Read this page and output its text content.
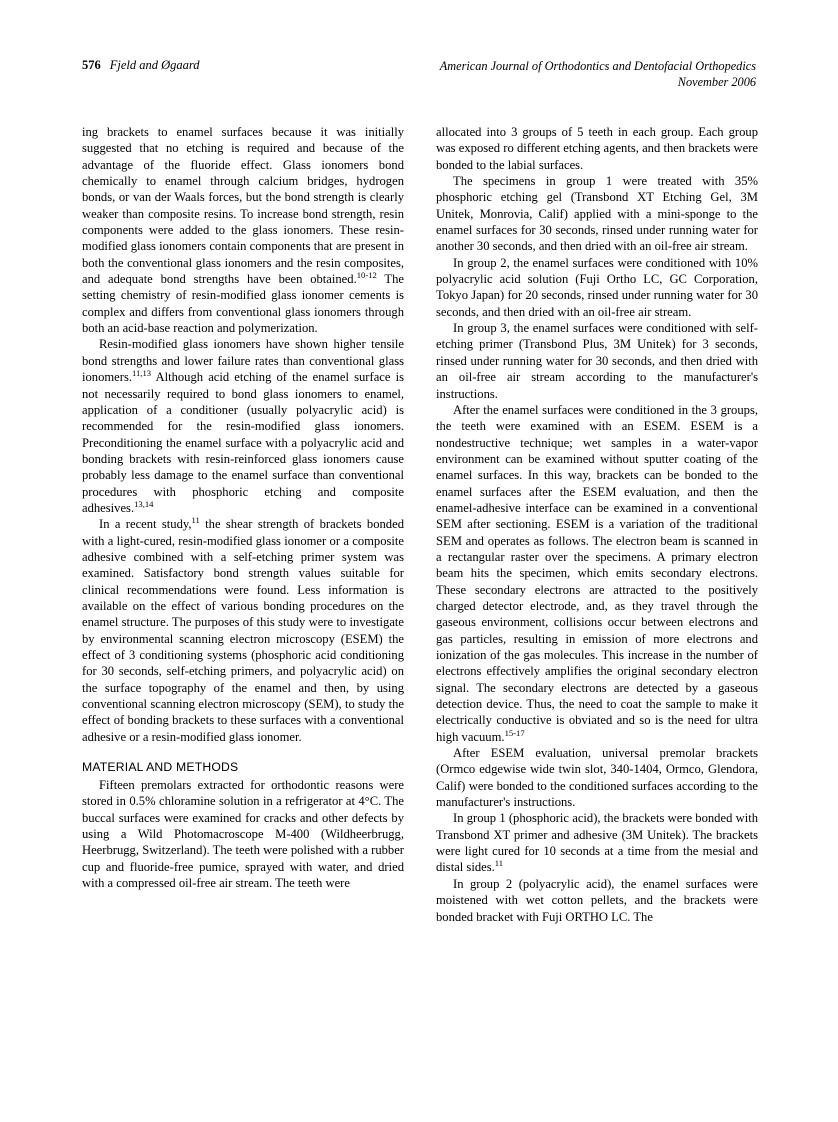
576 Fjeld and Øgaard	American Journal of Orthodontics and Dentofacial Orthopedics
November 2006

ing brackets to enamel surfaces because it was initially suggested that no etching is required and because of the advantage of the fluoride effect. Glass ionomers bond chemically to enamel through calcium bridges, hydrogen bonds, or van der Waals forces, but the bond strength is clearly weaker than composite resins. To increase bond strength, resin components were added to the glass ionomers. These resin-modified glass ionomers contain components that are present in both the conventional glass ionomers and the resin composites, and adequate bond strengths have been obtained.$^{10-12}$ The setting chemistry of resin-modified glass ionomer cements is complex and differs from conventional glass ionomers through both an acid-base reaction and polymerization.

Resin-modified glass ionomers have shown higher tensile bond strengths and lower failure rates than conventional glass ionomers.$^{11,13}$ Although acid etching of the enamel surface is not necessarily required to bond glass ionomers to enamel, application of a conditioner (usually polyacrylic acid) is recommended for the resin-modified glass ionomers. Preconditioning the enamel surface with a polyacrylic acid and bonding brackets with resin-reinforced glass ionomers cause probably less damage to the enamel surface than conventional procedures with phosphoric etching and composite adhesives.$^{13,14}$

In a recent study,$^{11}$ the shear strength of brackets bonded with a light-cured, resin-modified glass ionomer or a composite adhesive combined with a self-etching primer system was examined. Satisfactory bond strength values suitable for clinical recommendations were found. Less information is available on the effect of various bonding procedures on the enamel structure. The purposes of this study were to investigate by environmental scanning electron microscopy (ESEM) the effect of 3 conditioning systems (phosphoric acid conditioning for 30 seconds, self-etching primers, and polyacrylic acid) on the surface topography of the enamel and then, by using conventional scanning electron microscopy (SEM), to study the effect of bonding brackets to these surfaces with a conventional adhesive or a resin-modified glass ionomer.

MATERIAL AND METHODS

Fifteen premolars extracted for orthodontic reasons were stored in 0.5% chloramine solution in a refrigerator at 4°C. The buccal surfaces were examined for cracks and other defects by using a Wild Photomacroscope M-400 (Wildheerbrugg, Heerbrugg, Switzerland). The teeth were polished with a rubber cup and fluoride-free pumice, sprayed with water, and dried with a compressed oil-free air stream. The teeth were

allocated into 3 groups of 5 teeth in each group. Each group was exposed ro different etching agents, and then brackets were bonded to the labial surfaces.

The specimens in group 1 were treated with 35% phosphoric etching gel (Transbond XT Etching Gel, 3M Unitek, Monrovia, Calif) applied with a mini-sponge to the enamel surfaces for 30 seconds, rinsed under running water for another 30 seconds, and then dried with an oil-free air stream.

In group 2, the enamel surfaces were conditioned with 10% polyacrylic acid solution (Fuji Ortho LC, GC Corporation, Tokyo Japan) for 20 seconds, rinsed under running water for 30 seconds, and then dried with an oil-free air stream.

In group 3, the enamel surfaces were conditioned with self-etching primer (Transbond Plus, 3M Unitek) for 3 seconds, rinsed under running water for 30 seconds, and then dried with an oil-free air stream according to the manufacturer's instructions.

After the enamel surfaces were conditioned in the 3 groups, the teeth were examined with an ESEM. ESEM is a nondestructive technique; wet samples in a water-vapor environment can be examined without sputter coating of the enamel surfaces. In this way, brackets can be bonded to the enamel surfaces after the ESEM evaluation, and then the enamel-adhesive interface can be examined in a conventional SEM after sectioning. ESEM is a variation of the traditional SEM and operates as follows. The electron beam is scanned in a rectangular raster over the specimens. A primary electron beam hits the specimen, which emits secondary electrons. These secondary electrons are attracted to the positively charged detector electrode, and, as they travel through the gaseous environment, collisions occur between electrons and gas particles, resulting in emission of more electrons and ionization of the gas molecules. This increase in the number of electrons effectively amplifies the original secondary electron signal. The secondary electrons are detected by a gaseous detection device. Thus, the need to coat the sample to make it electrically conductive is obviated and so is the need for ultra high vacuum.$^{15-17}$

After ESEM evaluation, universal premolar brackets (Ormco edgewise wide twin slot, 340-1404, Ormco, Glendora, Calif) were bonded to the conditioned surfaces according to the manufacturer's instructions.

In group 1 (phosphoric acid), the brackets were bonded with Transbond XT primer and adhesive (3M Unitek). The brackets were light cured for 10 seconds at a time from the mesial and distal sides.$^{11}$

In group 2 (polyacrylic acid), the enamel surfaces were moistened with wet cotton pellets, and the brackets were bonded bracket with Fuji ORTHO LC. The
